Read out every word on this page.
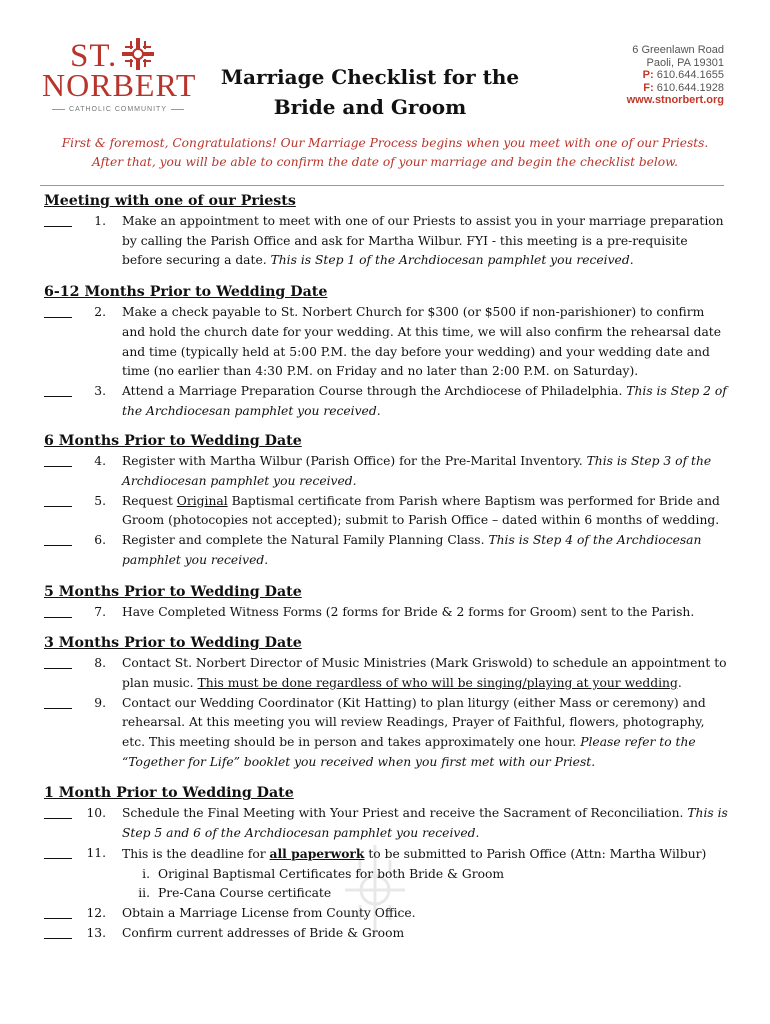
ST.
NORBERT
CATHOLIC COMMUNITY
Marriage Checklist for the
Bride and Groom
6 Greenlawn Road
Paoli, PA 19301
P: 610.644.1655
F: 610.644.1928
www.stnorbert.org
First & foremost, Congratulations! Our Marriage Process begins when you meet with one of our Priests.
After that, you will be able to confirm the date of your marriage and begin the checklist below.
Meeting with one of our Priests
1.	Make an appointment to meet with one of our Priests to assist you in your marriage preparation by calling the Parish Office and ask for Martha Wilbur. FYI - this meeting is a pre-requisite before securing a date. This is Step 1 of the Archdiocesan pamphlet you received.
6-12 Months Prior to Wedding Date
2.	Make a check payable to St. Norbert Church for $300 (or $500 if non-parishioner) to confirm and hold the church date for your wedding. At this time, we will also confirm the rehearsal date and time (typically held at 5:00 P.M. the day before your wedding) and your wedding date and time (no earlier than 4:30 P.M. on Friday and no later than 2:00 P.M. on Saturday).
3.	Attend a Marriage Preparation Course through the Archdiocese of Philadelphia. This is Step 2 of the Archdiocesan pamphlet you received.
6 Months Prior to Wedding Date
4.	Register with Martha Wilbur (Parish Office) for the Pre-Marital Inventory. This is Step 3 of the Archdiocesan pamphlet you received.
5.	Request Original Baptismal certificate from Parish where Baptism was performed for Bride and Groom (photocopies not accepted); submit to Parish Office – dated within 6 months of wedding.
6.	Register and complete the Natural Family Planning Class. This is Step 4 of the Archdiocesan pamphlet you received.
5 Months Prior to Wedding Date
7.	Have Completed Witness Forms (2 forms for Bride & 2 forms for Groom) sent to the Parish.
3 Months Prior to Wedding Date
8.	Contact St. Norbert Director of Music Ministries (Mark Griswold) to schedule an appointment to plan music. This must be done regardless of who will be singing/playing at your wedding.
9.	Contact our Wedding Coordinator (Kit Hatting) to plan liturgy (either Mass or ceremony) and rehearsal. At this meeting you will review Readings, Prayer of Faithful, flowers, photography, etc. This meeting should be in person and takes approximately one hour. Please refer to the “Together for Life” booklet you received when you first met with our Priest.
1 Month Prior to Wedding Date
10.	Schedule the Final Meeting with Your Priest and receive the Sacrament of Reconciliation. This is Step 5 and 6 of the Archdiocesan pamphlet you received.
11.	This is the deadline for all paperwork to be submitted to Parish Office (Attn: Martha Wilbur)
i. Original Baptismal Certificates for both Bride & Groom
ii. Pre-Cana Course certificate
12.	Obtain a Marriage License from County Office.
13.	Confirm current addresses of Bride & Groom
